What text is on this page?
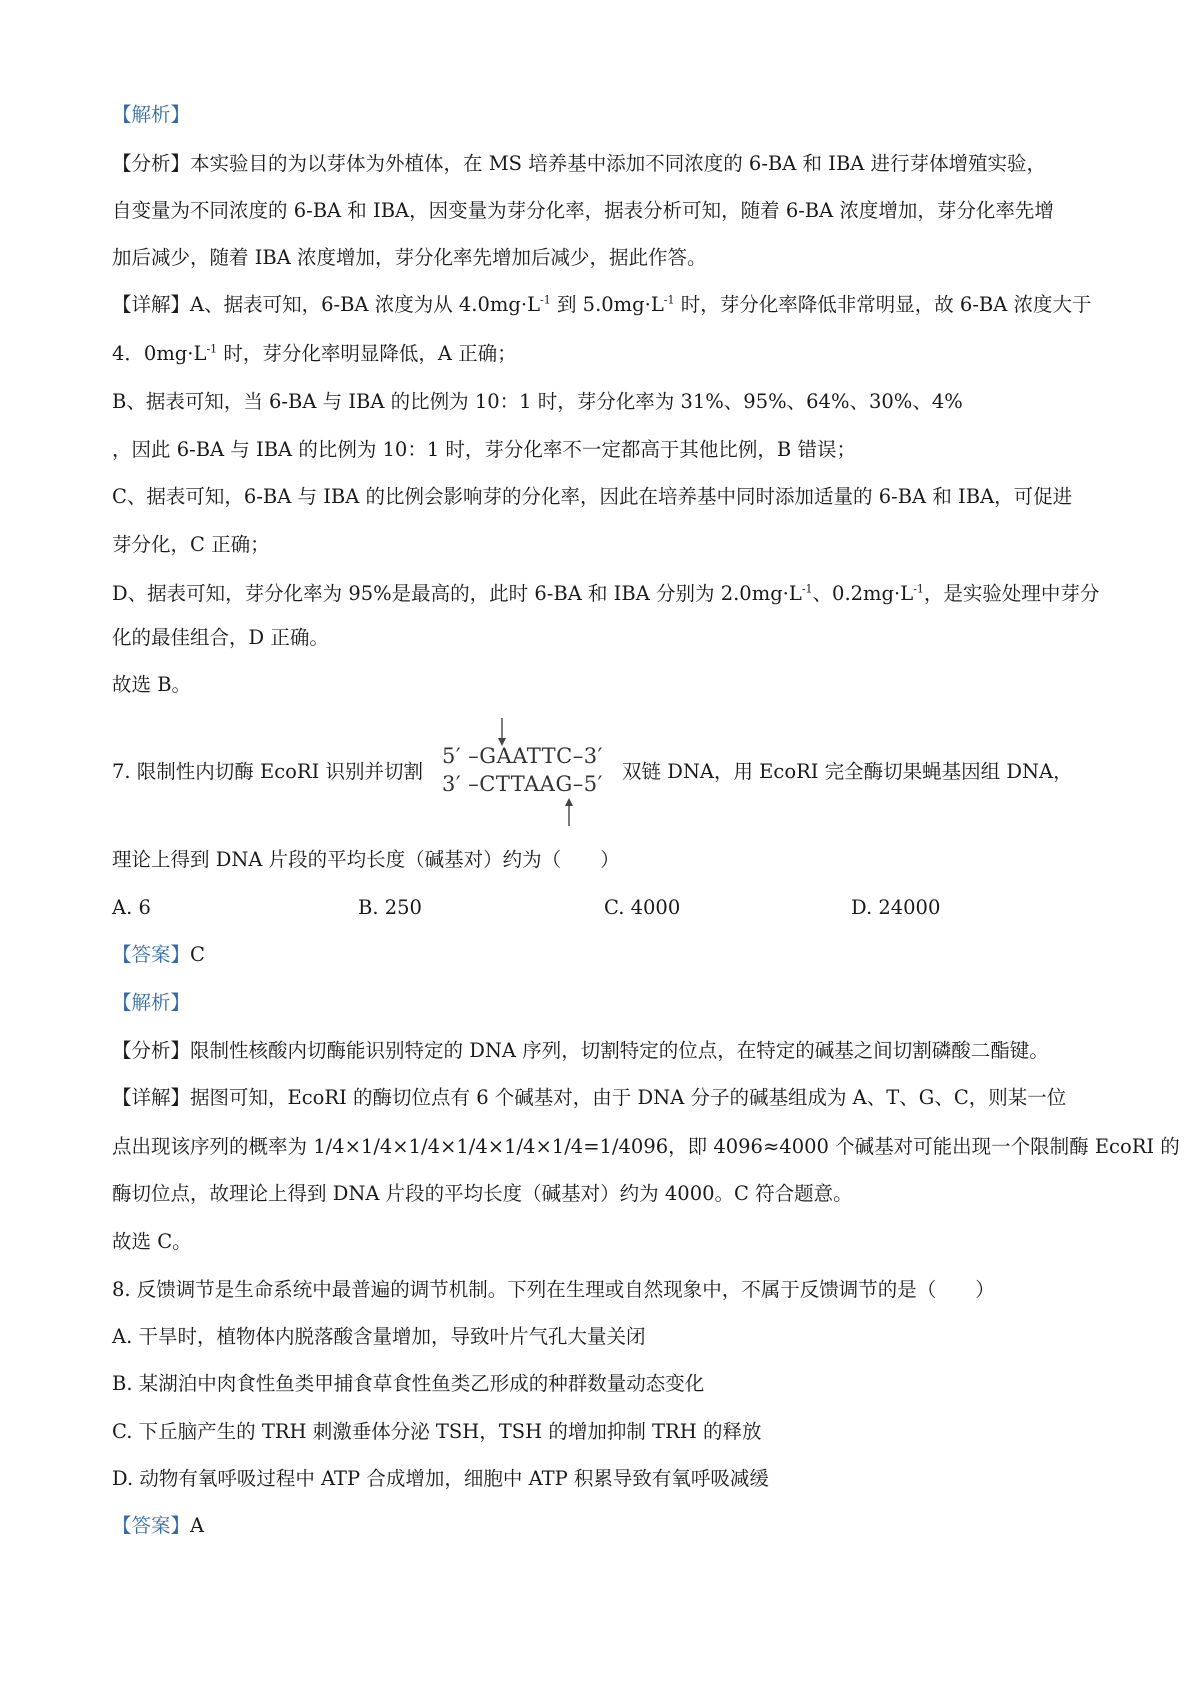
【解析】
【分析】本实验目的为以芽体为外植体，在 MS 培养基中添加不同浓度的 6-BA 和 IBA 进行芽体增殖实验，
自变量为不同浓度的 6-BA 和 IBA，因变量为芽分化率，据表分析可知，随着 6-BA 浓度增加，芽分化率先增
加后减少，随着 IBA 浓度增加，芽分化率先增加后减少，据此作答。
【详解】A、据表可知，6-BA 浓度为从 $4.0mg\cdot L^{-1}$ 到 $5.0mg\cdot L^{-1}$ 时，芽分化率降低非常明显，故 6-BA 浓度大于
4．$0mg\cdot L^{-1}$ 时，芽分化率明显降低，A 正确；
B、据表可知，当 6-BA 与 IBA 的比例为 10：1 时，芽分化率为 31%、95%、64%、30%、4%
，因此 6-BA 与 IBA 的比例为 10：1 时，芽分化率不一定都高于其他比例，B 错误；
C、据表可知，6-BA 与 IBA 的比例会影响芽的分化率，因此在培养基中同时添加适量的 6-BA 和 IBA，可促进
芽分化，C 正确；
D、据表可知，芽分化率为 95%是最高的，此时 6-BA 和 IBA 分别为 $2.0mg\cdot L^{-1}$、$0.2mg\cdot L^{-1}$，是实验处理中芽分
化的最佳组合，D 正确。
故选 B。
7. 限制性内切酶 EcoRI 识别并切割
5′ –GAATTC–3′
3′ –CTTAAG–5′
双链 DNA，用 EcoRI 完全酶切果蝇基因组 DNA，
理论上得到 DNA 片段的平均长度（碱基对）约为（　　）
A. 6	B. 250	C. 4000	D. 24000
【答案】C
【解析】
【分析】限制性核酸内切酶能识别特定的 DNA 序列，切割特定的位点，在特定的碱基之间切割磷酸二酯键。
【详解】据图可知，EcoRI 的酶切位点有 6 个碱基对，由于 DNA 分子的碱基组成为 A、T、G、C，则某一位
点出现该序列的概率为 1/4×1/4×1/4×1/4×1/4×1/4=1/4096，即 4096≈4000 个碱基对可能出现一个限制酶 EcoRI 的
酶切位点，故理论上得到 DNA 片段的平均长度（碱基对）约为 4000。C 符合题意。
故选 C。
8. 反馈调节是生命系统中最普遍的调节机制。下列在生理或自然现象中，不属于反馈调节的是（　　）
A. 干旱时，植物体内脱落酸含量增加，导致叶片气孔大量关闭
B. 某湖泊中肉食性鱼类甲捕食草食性鱼类乙形成的种群数量动态变化
C. 下丘脑产生的 TRH 刺激垂体分泌 TSH，TSH 的增加抑制 TRH 的释放
D. 动物有氧呼吸过程中 ATP 合成增加，细胞中 ATP 积累导致有氧呼吸减缓
【答案】A
